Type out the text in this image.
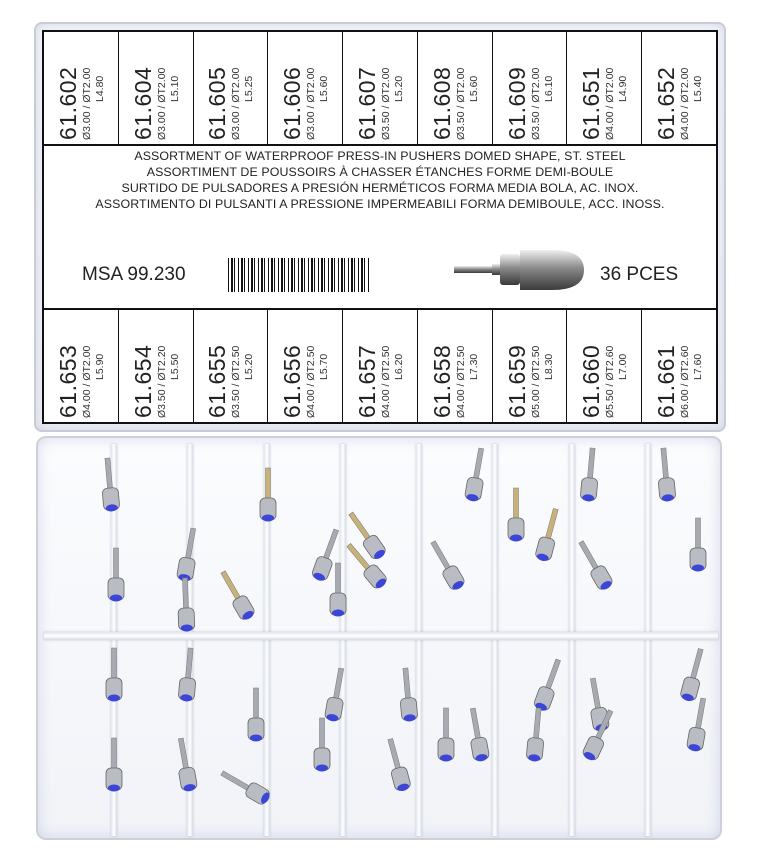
61.602 Ø3.00 / ØT2.00 L4.80 61.604 Ø3.00 / ØT2.00 L5.10 61.605 Ø3.00 / ØT2.00 L5.25 61.606 Ø3.00 / ØT2.00 L5.60 61.607 Ø3.50 / ØT2.00 L5.20 61.608 Ø3.50 / ØT2.00 L5.60 61.609 Ø3.50 / ØT2.00 L6.10 61.651 Ø4.00 / ØT2.00 L4.90 61.652 Ø4.00 / ØT2.00 L5.40
ASSORTMENT OF WATERPROOF PRESS-IN PUSHERS DOMED SHAPE, ST. STEEL
ASSORTIMENT DE POUSSOIRS À CHASSER ÉTANCHES FORME DEMI-BOULE
SURTIDO DE PULSADORES A PRESIÓN HERMÉTICOS FORMA MEDIA BOLA, AC. INOX.
ASSORTIMENTO DI PULSANTI A PRESSIONE IMPERMEABILI FORMA DEMIBOULE, ACC. INOSS.
MSA 99.230	36 PCES
61.653 Ø4.00 / ØT2.00 L5.90 61.654 Ø3.50 / ØT2.20 L5.50 61.655 Ø3.50 / ØT2.50 L5.20 61.656 Ø4.00 / ØT2.50 L5.70 61.657 Ø4.00 / ØT2.50 L6.20 61.658 Ø4.00 / ØT2.50 L7.30 61.659 Ø5.00 / ØT2.50 L8.30 61.660 Ø5.50 / ØT2.60 L7.00 61.661 Ø6.00 / ØT2.60 L7.60
